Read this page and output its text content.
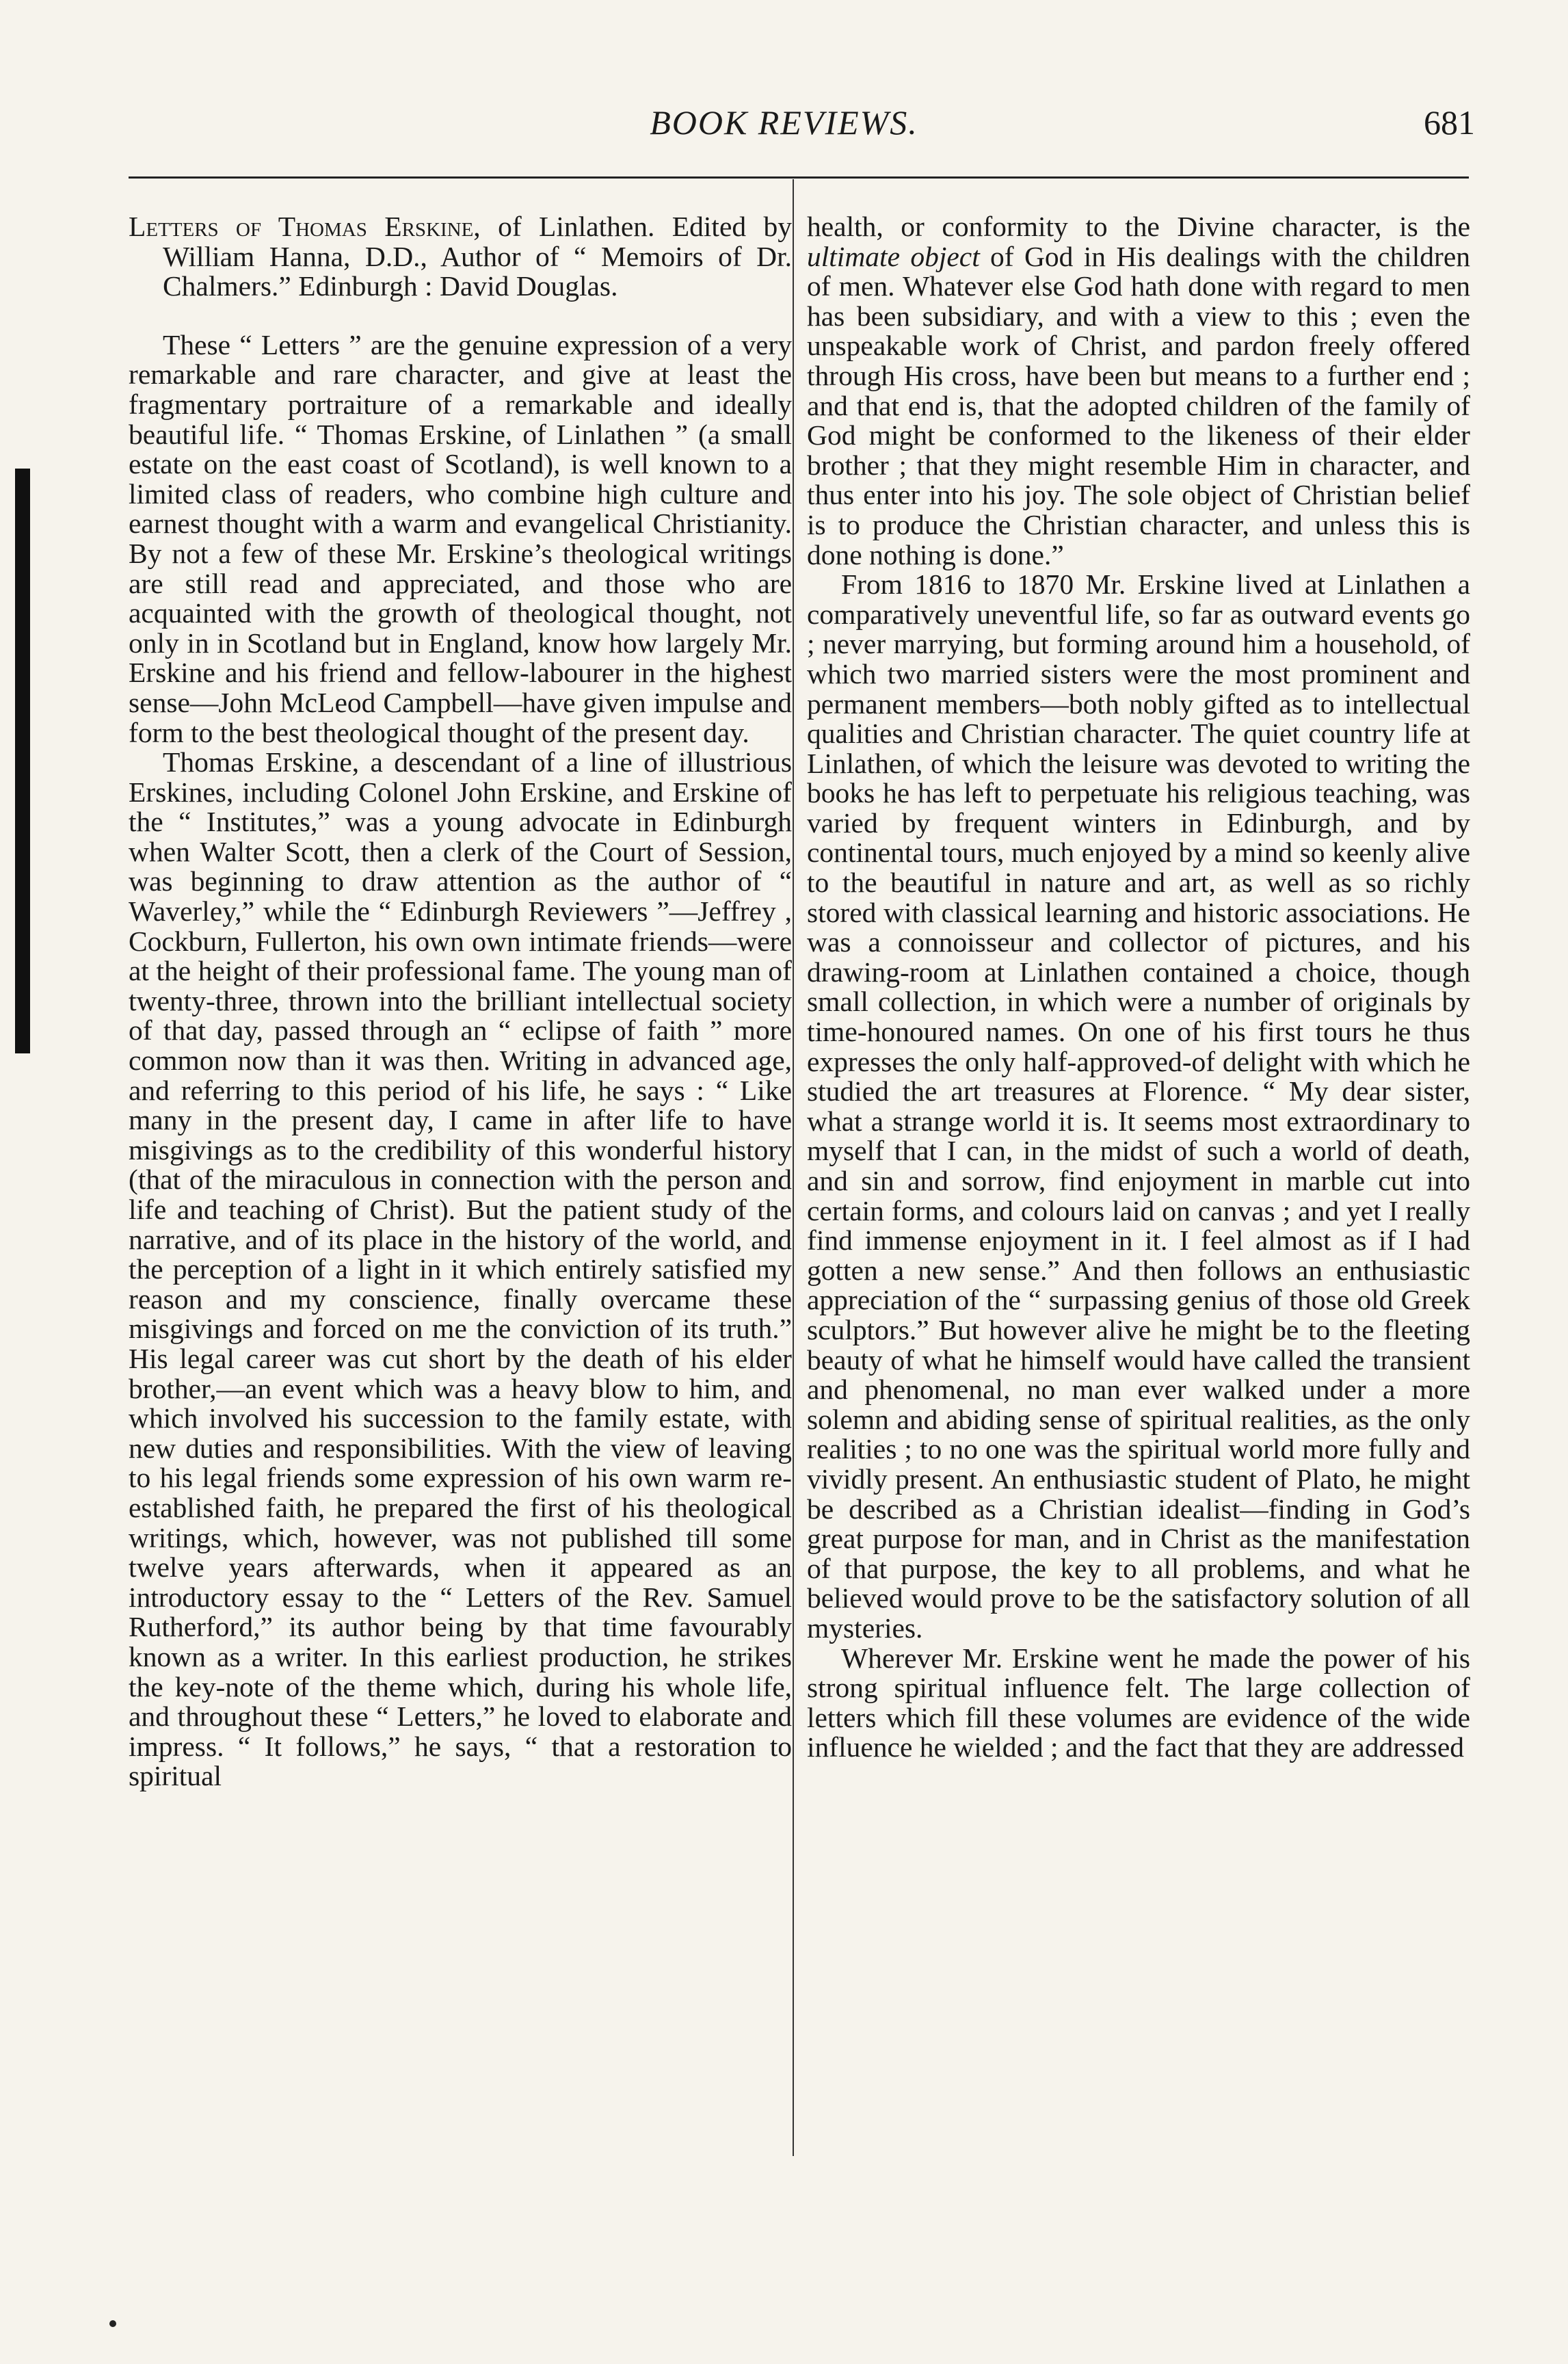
BOOK REVIEWS.	681

Letters of Thomas Erskine, of Linlathen. Edited by William Hanna, D.D., Author of “ Memoirs of Dr. Chalmers.” Edinburgh : David Douglas.

These “ Letters ” are the genuine expression of a very remarkable and rare character, and give at least the fragmentary portraiture of a remarkable and ideally beautiful life. “ Thomas Erskine, of Linlathen ” (a small estate on the east coast of Scotland), is well known to a limited class of readers, who combine high culture and earnest thought with a warm and evangelical Christianity. By not a few of these Mr. Erskine’s theological writings are still read and appreciated, and those who are acquainted with the growth of theological thought, not only in in Scotland but in England, know how largely Mr. Erskine and his friend and fellow-labourer in the highest sense—John McLeod Campbell—have given impulse and form to the best theological thought of the present day.

Thomas Erskine, a descendant of a line of illustrious Erskines, including Colonel John Erskine, and Erskine of the “ Institutes,” was a young advocate in Edinburgh when Walter Scott, then a clerk of the Court of Session, was beginning to draw attention as the author of “ Waverley,” while the “ Edinburgh Reviewers ”—Jeffrey , Cockburn, Fullerton, his own own intimate friends—were at the height of their professional fame. The young man of twenty-three, thrown into the brilliant intellectual society of that day, passed through an “ eclipse of faith ” more common now than it was then. Writing in advanced age, and referring to this period of his life, he says : “ Like many in the present day, I came in after life to have misgivings as to the credibility of this wonderful history (that of the miraculous in connection with the person and life and teaching of Christ). But the patient study of the narrative, and of its place in the history of the world, and the perception of a light in it which entirely satisfied my reason and my conscience, finally overcame these misgivings and forced on me the conviction of its truth.” His legal career was cut short by the death of his elder brother,—an event which was a heavy blow to him, and which involved his succession to the family estate, with new duties and responsibilities. With the view of leaving to his legal friends some expression of his own warm re-established faith, he prepared the first of his theological writings, which, however, was not published till some twelve years afterwards, when it appeared as an introductory essay to the “ Letters of the Rev. Samuel Rutherford,” its author being by that time favourably known as a writer. In this earliest production, he strikes the key-note of the theme which, during his whole life, and throughout these “ Letters,” he loved to elaborate and impress. “ It follows,” he says, “ that a restoration to spiritual

health, or conformity to the Divine character, is the ultimate object of God in His dealings with the children of men. Whatever else God hath done with regard to men has been subsidiary, and with a view to this ; even the unspeakable work of Christ, and pardon freely offered through His cross, have been but means to a further end ; and that end is, that the adopted children of the family of God might be conformed to the likeness of their elder brother ; that they might resemble Him in character, and thus enter into his joy. The sole object of Christian belief is to produce the Christian character, and unless this is done nothing is done.”

From 1816 to 1870 Mr. Erskine lived at Linlathen a comparatively uneventful life, so far as outward events go ; never marrying, but forming around him a household, of which two married sisters were the most prominent and permanent members—both nobly gifted as to intellectual qualities and Christian character. The quiet country life at Linlathen, of which the leisure was devoted to writing the books he has left to perpetuate his religious teaching, was varied by frequent winters in Edinburgh, and by continental tours, much enjoyed by a mind so keenly alive to the beautiful in nature and art, as well as so richly stored with classical learning and historic associations. He was a connoisseur and collector of pictures, and his drawing-room at Linlathen contained a choice, though small collection, in which were a number of originals by time-honoured names. On one of his first tours he thus expresses the only half-approved-of delight with which he studied the art treasures at Florence. “ My dear sister, what a strange world it is. It seems most extraordinary to myself that I can, in the midst of such a world of death, and sin and sorrow, find enjoyment in marble cut into certain forms, and colours laid on canvas ; and yet I really find immense enjoyment in it. I feel almost as if I had gotten a new sense.” And then follows an enthusiastic appreciation of the “ surpassing genius of those old Greek sculptors.” But however alive he might be to the fleeting beauty of what he himself would have called the transient and phenomenal, no man ever walked under a more solemn and abiding sense of spiritual realities, as the only realities ; to no one was the spiritual world more fully and vividly present. An enthusiastic student of Plato, he might be described as a Christian idealist—finding in God’s great purpose for man, and in Christ as the manifestation of that purpose, the key to all problems, and what he believed would prove to be the satisfactory solution of all mysteries.

Wherever Mr. Erskine went he made the power of his strong spiritual influence felt. The large collection of letters which fill these volumes are evidence of the wide influence he wielded ; and the fact that they are addressed
